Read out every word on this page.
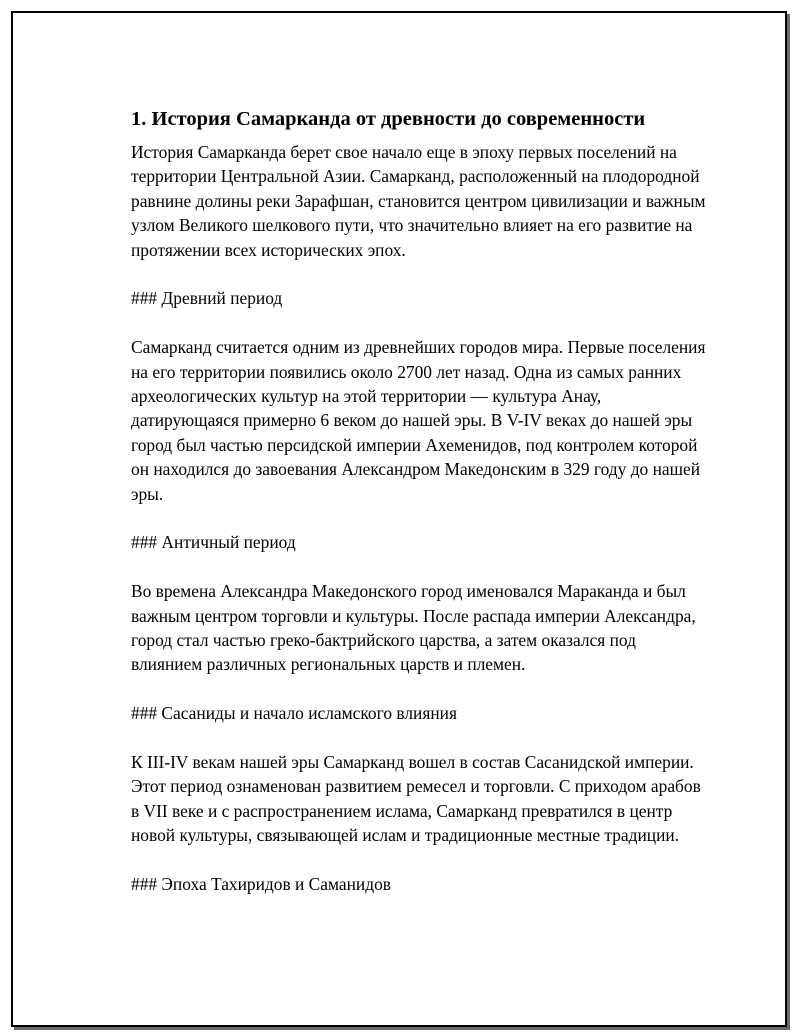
1. История Самарканда от древности до современности

История Самарканда берет свое начало еще в эпоху первых поселений на территории Центральной Азии. Самарканд, расположенный на плодородной равнине долины реки Зарафшан, становится центром цивилизации и важным узлом Великого шелкового пути, что значительно влияет на его развитие на протяжении всех исторических эпох.

### Древний период

Самарканд считается одним из древнейших городов мира. Первые поселения на его территории появились около 2700 лет назад. Одна из самых ранних археологических культур на этой территории — культура Анау, датирующаяся примерно 6 веком до нашей эры. В V-IV веках до нашей эры город был частью персидской империи Ахеменидов, под контролем которой он находился до завоевания Александром Македонским в 329 году до нашей эры.

### Античный период

Во времена Александра Македонского город именовался Мараканда и был важным центром торговли и культуры. После распада империи Александра, город стал частью греко-бактрийского царства, а затем оказался под влиянием различных региональных царств и племен.

### Сасаниды и начало исламского влияния

К III-IV векам нашей эры Самарканд вошел в состав Сасанидской империи. Этот период ознаменован развитием ремесел и торговли. С приходом арабов в VII веке и с распространением ислама, Самарканд превратился в центр новой культуры, связывающей ислам и традиционные местные традиции.

### Эпоха Тахиридов и Саманидов
